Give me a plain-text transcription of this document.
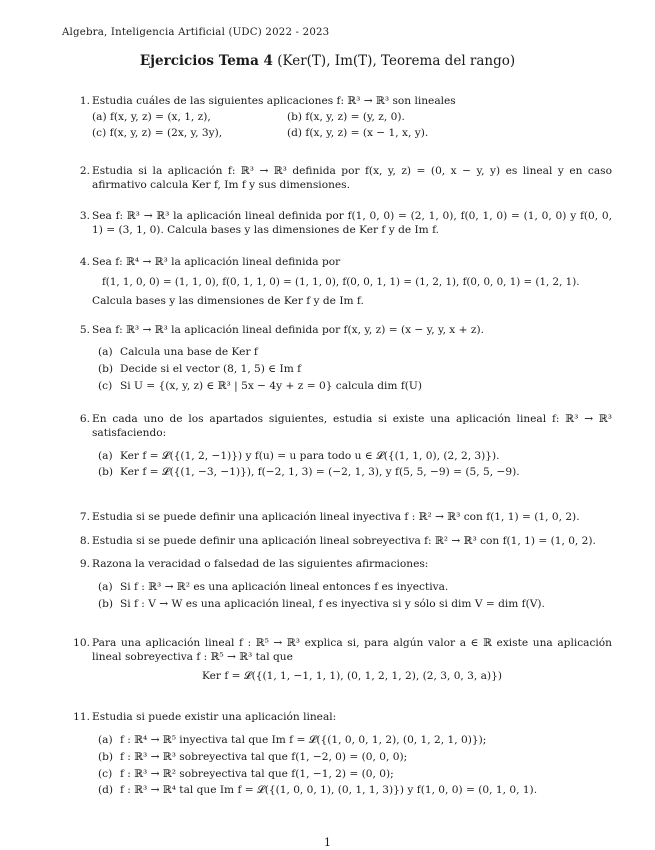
Algebra, Inteligencia Artificial (UDC) 2022 - 2023
Ejercicios Tema 4 (Ker(T), Im(T), Teorema del rango)
1. Estudia cuáles de las siguientes aplicaciones f: ℝ³ → ℝ³ son lineales
(a) f(x, y, z) = (x, 1, z),	(b) f(x, y, z) = (y, z, 0).
(c) f(x, y, z) = (2x, y, 3y),	(d) f(x, y, z) = (x − 1, x, y).
2. Estudia si la aplicación f: ℝ³ → ℝ³ definida por f(x, y, z) = (0, x − y, y) es lineal y en caso afirmativo calcula Ker f, Im f y sus dimensiones.
3. Sea f: ℝ³ → ℝ³ la aplicación lineal definida por f(1, 0, 0) = (2, 1, 0), f(0, 1, 0) = (1, 0, 0) y f(0, 0, 1) = (3, 1, 0). Calcula bases y las dimensiones de Ker f y de Im f.
4. Sea f: ℝ⁴ → ℝ³ la aplicación lineal definida por
f(1, 1, 0, 0) = (1, 1, 0), f(0, 1, 1, 0) = (1, 1, 0), f(0, 0, 1, 1) = (1, 2, 1), f(0, 0, 0, 1) = (1, 2, 1).
Calcula bases y las dimensiones de Ker f y de Im f.
5. Sea f: ℝ³ → ℝ³ la aplicación lineal definida por f(x, y, z) = (x − y, y, x + z).
(a) Calcula una base de Ker f
(b) Decide si el vector (8, 1, 5) ∈ Im f
(c) Si U = {(x, y, z) ∈ ℝ³ | 5x − 4y + z = 0} calcula dim f(U)
6. En cada uno de los apartados siguientes, estudia si existe una aplicación lineal f: ℝ³ → ℝ³ satisfaciendo:
(a) Ker f = 𝓛({(1, 2, −1)}) y f(u) = u para todo u ∈ 𝓛({(1, 1, 0), (2, 2, 3)}).
(b) Ker f = 𝓛({(1, −3, −1)}), f(−2, 1, 3) = (−2, 1, 3), y f(5, 5, −9) = (5, 5, −9).
7. Estudia si se puede definir una aplicación lineal inyectiva f : ℝ² → ℝ³ con f(1, 1) = (1, 0, 2).
8. Estudia si se puede definir una aplicación lineal sobreyectiva f: ℝ² → ℝ³ con f(1, 1) = (1, 0, 2).
9. Razona la veracidad o falsedad de las siguientes afirmaciones:
(a) Si f : ℝ³ → ℝ² es una aplicación lineal entonces f es inyectiva.
(b) Si f : V → W es una aplicación lineal, f es inyectiva si y sólo si dim V = dim f(V).
10. Para una aplicación lineal f : ℝ⁵ → ℝ³ explica si, para algún valor a ∈ ℝ existe una aplicación lineal sobreyectiva f : ℝ⁵ → ℝ³ tal que
Ker f = 𝓛({(1, 1, −1, 1, 1), (0, 1, 2, 1, 2), (2, 3, 0, 3, a)})
11. Estudia si puede existir una aplicación lineal:
(a) f : ℝ⁴ → ℝ⁵ inyectiva tal que Im f = 𝓛({(1, 0, 0, 1, 2), (0, 1, 2, 1, 0)});
(b) f : ℝ³ → ℝ³ sobreyectiva tal que f(1, −2, 0) = (0, 0, 0);
(c) f : ℝ³ → ℝ² sobreyectiva tal que f(1, −1, 2) = (0, 0);
(d) f : ℝ³ → ℝ⁴ tal que Im f = 𝓛({(1, 0, 0, 1), (0, 1, 1, 3)}) y f(1, 0, 0) = (0, 1, 0, 1).
1
